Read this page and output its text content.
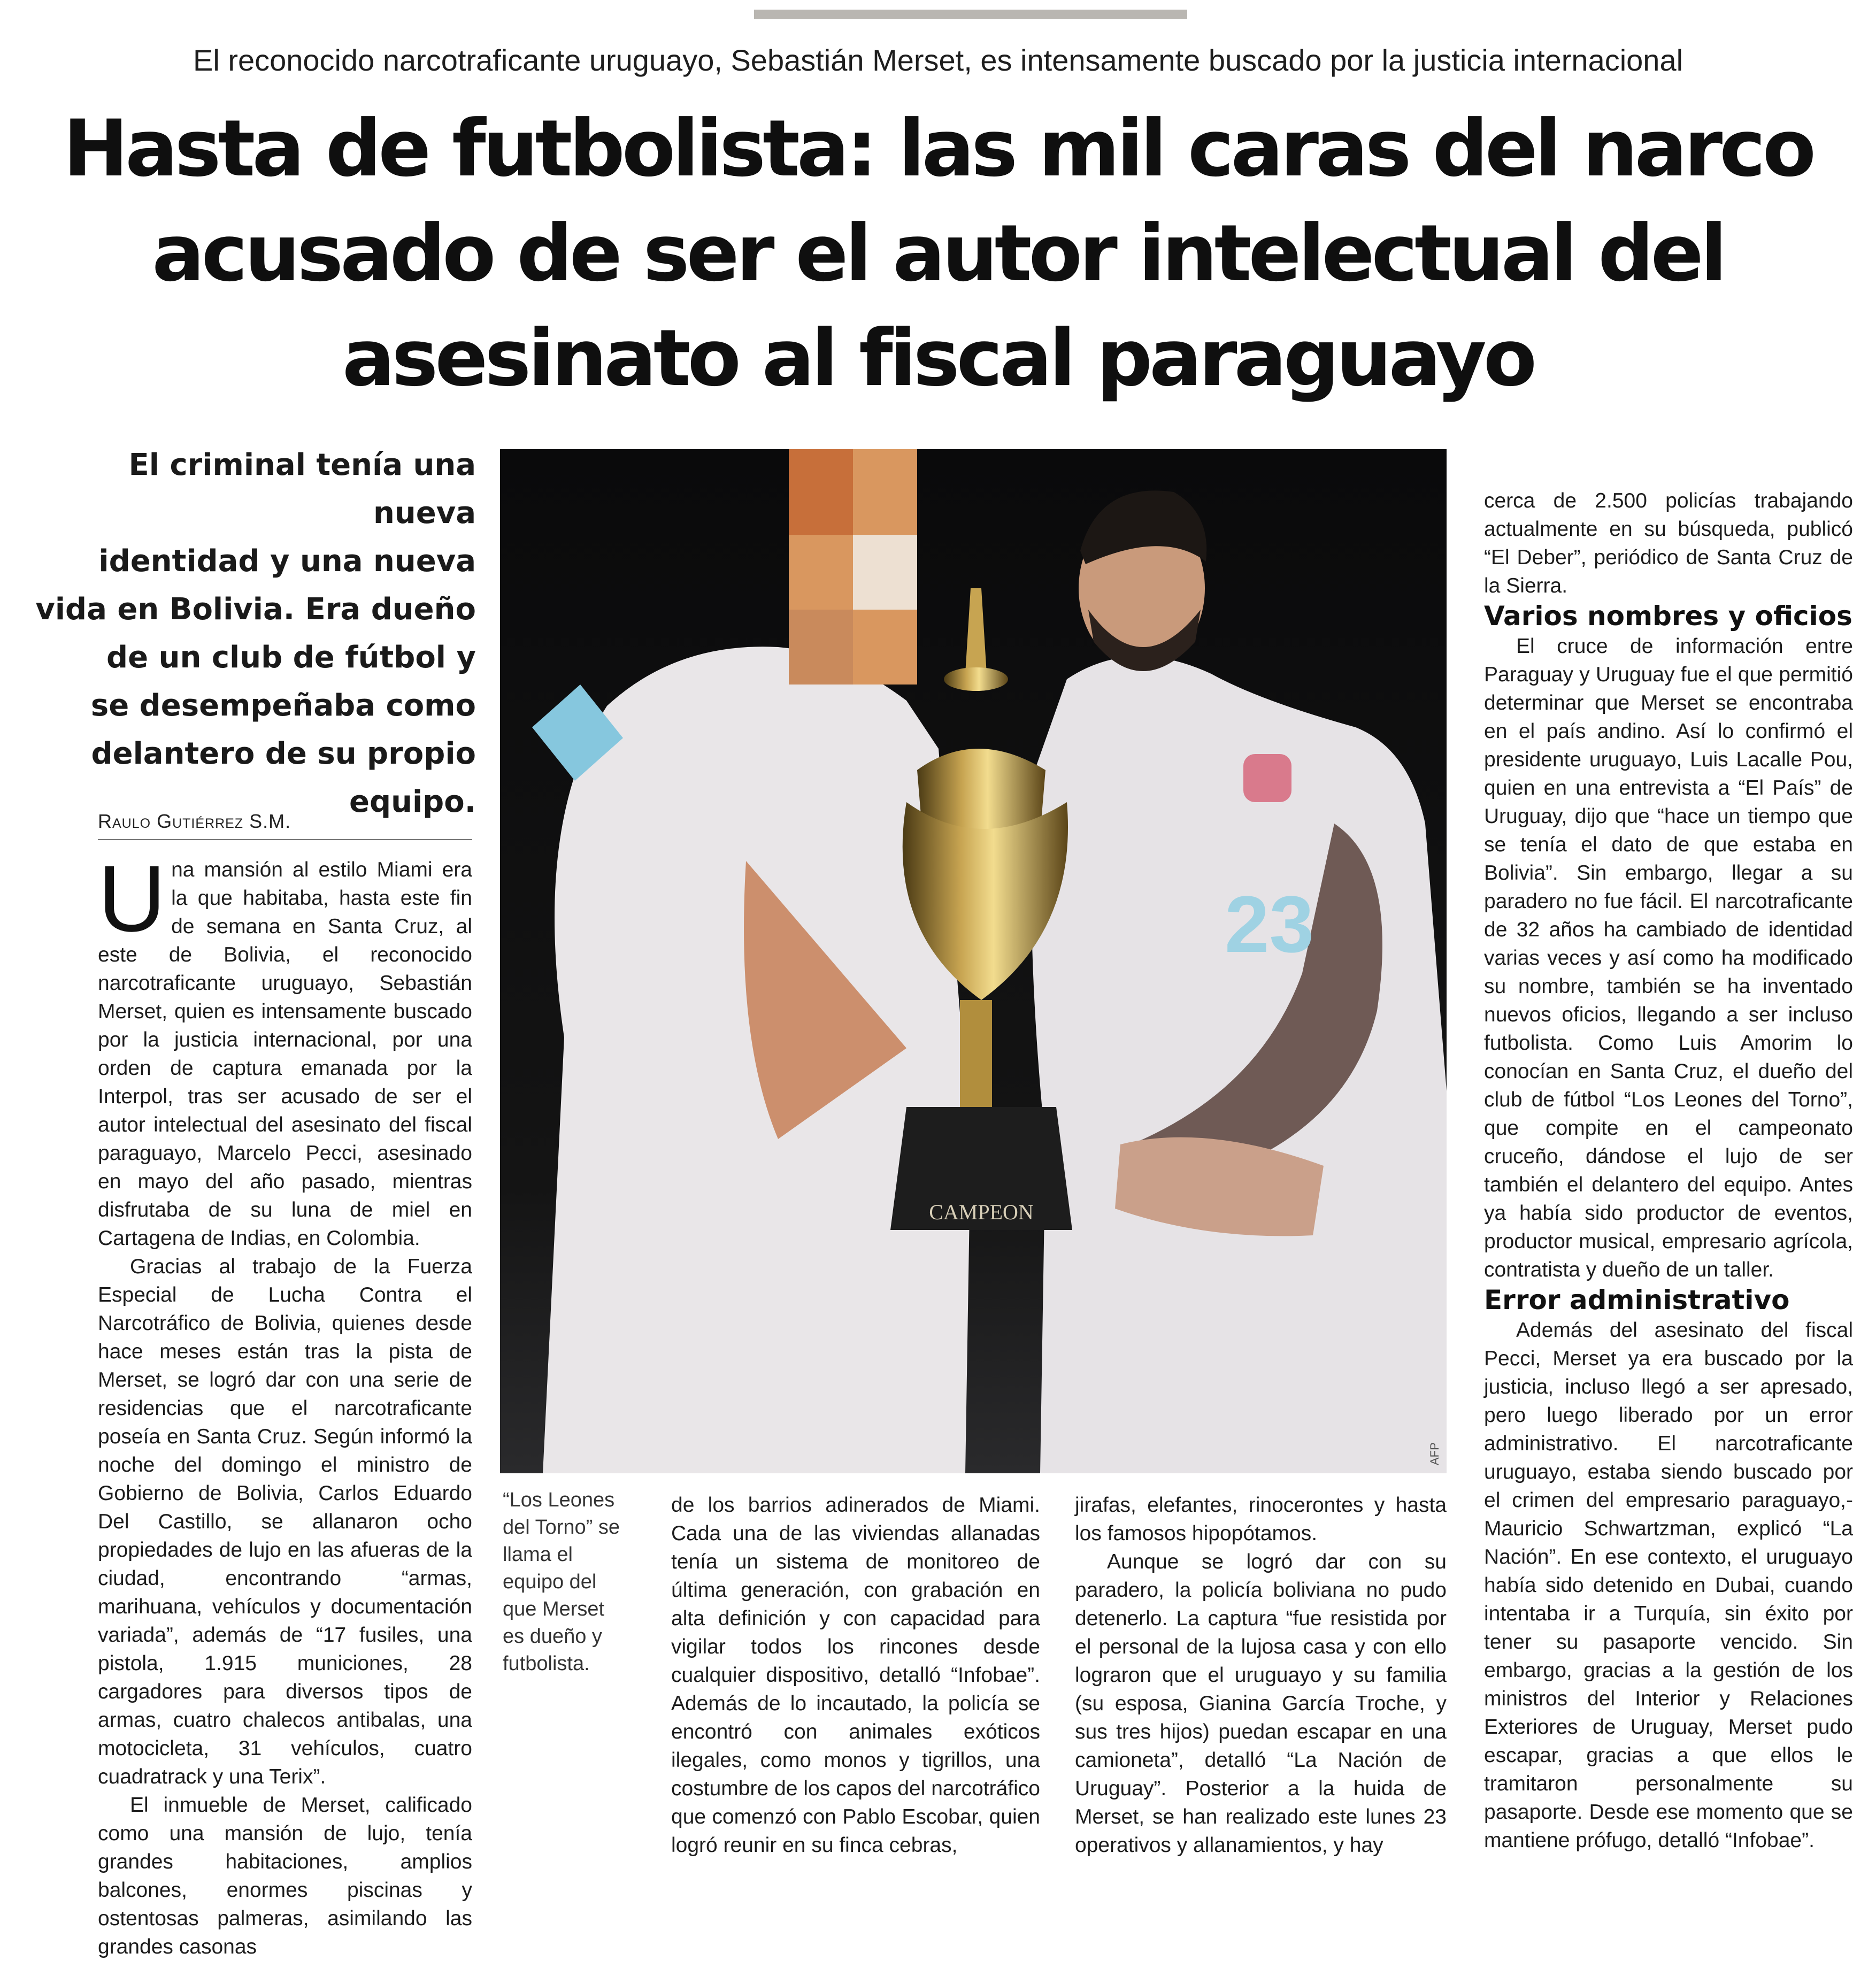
El reconocido narcotraficante uruguayo, Sebastián Merset, es intensamente buscado por la justicia internacional
Hasta de futbolista: las mil caras del narco
acusado de ser el autor intelectual del
asesinato al fiscal paraguayo
El criminal tenía una nueva
identidad y una nueva
vida en Bolivia. Era dueño
de un club de fútbol y
se desempeñaba como
delantero de su propio
equipo.
Raulo Gutiérrez S.M.

Una mansión al estilo Miami era la que habitaba, hasta este fin de semana en Santa Cruz, al este de Bolivia, el reconocido narcotraficante uruguayo, Sebastián Merset, quien es intensamente buscado por la justicia internacional, por una orden de captura emanada por la Interpol, tras ser acusado de ser el autor intelectual del asesinato del fiscal paraguayo, Marcelo Pecci, asesinado en mayo del año pasado, mientras disfrutaba de su luna de miel en Cartagena de Indias, en Colombia.

Gracias al trabajo de la Fuerza Especial de Lucha Contra el Narcotráfico de Bolivia, quienes desde hace meses están tras la pista de Merset, se logró dar con una serie de residencias que el narcotraficante poseía en Santa Cruz. Según informó la noche del domingo el ministro de Gobierno de Bolivia, Carlos Eduardo Del Castillo, se allanaron ocho propiedades de lujo en las afueras de la ciudad, encontrando “armas, marihuana, vehículos y documentación variada”, además de “17 fusiles, una pistola, 1.915 municiones, 28 cargadores para diversos tipos de armas, cuatro chalecos antibalas, una motocicleta, 31 vehículos, cuatro cuadratrack y una Terix”.

El inmueble de Merset, calificado como una mansión de lujo, tenía grandes habitaciones, amplios balcones, enormes piscinas y ostentosas palmeras, asimilando las grandes casonas

23
CAMPEON
AFP
“Los Leones del Torno” se llama el equipo del que Merset es dueño y futbolista.

de los barrios adinerados de Miami. Cada una de las viviendas allanadas tenía un sistema de monitoreo de última generación, con grabación en alta definición y con capacidad para vigilar todos los rincones desde cualquier dispositivo, detalló “Infobae”. Además de lo incautado, la policía se encontró con animales exóticos ilegales, como monos y tigrillos, una costumbre de los capos del narcotráfico que comenzó con Pablo Escobar, quien logró reunir en su finca cebras,

jirafas, elefantes, rinocerontes y hasta los famosos hipopótamos.

Aunque se logró dar con su paradero, la policía boliviana no pudo detenerlo. La captura “fue resistida por el personal de la lujosa casa y con ello lograron que el uruguayo y su familia (su esposa, Gianina García Troche, y sus tres hijos) puedan escapar en una camioneta”, detalló “La Nación de Uruguay”. Posterior a la huida de Merset, se han realizado este lunes 23 operativos y allanamientos, y hay

cerca de 2.500 policías trabajando actualmente en su búsqueda, publicó “El Deber”, periódico de Santa Cruz de la Sierra.

Varios nombres y oficios

El cruce de información entre Paraguay y Uruguay fue el que permitió determinar que Merset se encontraba en el país andino. Así lo confirmó el presidente uruguayo, Luis Lacalle Pou, quien en una entrevista a “El País” de Uruguay, dijo que “hace un tiempo que se tenía el dato de que estaba en Bolivia”. Sin embargo, llegar a su paradero no fue fácil. El narcotraficante de 32 años ha cambiado de identidad varias veces y así como ha modificado su nombre, también se ha inventado nuevos oficios, llegando a ser incluso futbolista. Como Luis Amorim lo conocían en Santa Cruz, el dueño del club de fútbol “Los Leones del Torno”, que compite en el campeonato cruceño, dándose el lujo de ser también el delantero del equipo. Antes ya había sido productor de eventos, productor musical, empresario agrícola, contratista y dueño de un taller.

Error administrativo

Además del asesinato del fiscal Pecci, Merset ya era buscado por la justicia, incluso llegó a ser apresado, pero luego liberado por un error administrativo. El narcotraficante uruguayo, estaba siendo buscado por el crimen del empresario paraguayo,- Mauricio Schwartzman, explicó “La Nación”. En ese contexto, el uruguayo había sido detenido en Dubai, cuando intentaba ir a Turquía, sin éxito por tener su pasaporte vencido. Sin embargo, gracias a la gestión de los ministros del Interior y Relaciones Exteriores de Uruguay, Merset pudo escapar, gracias a que ellos le tramitaron personalmente su pasaporte. Desde ese momento que se mantiene prófugo, detalló “Infobae”.
